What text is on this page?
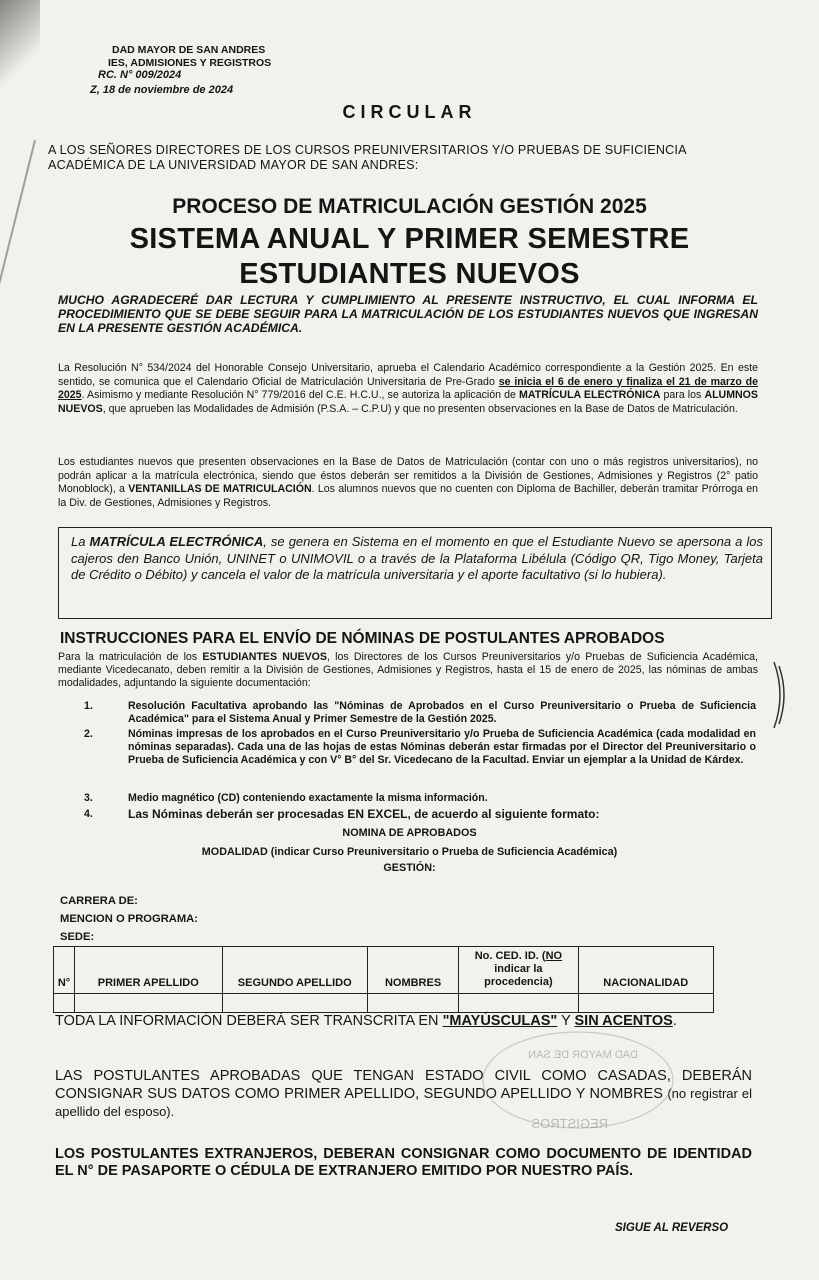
DAD MAYOR DE SAN ANDRES
IES, ADMISIONES Y REGISTROS
RC. N° 009/2024
Z, 18 de noviembre de 2024
CIRCULAR
A LOS SEÑORES DIRECTORES DE LOS CURSOS PREUNIVERSITARIOS Y/O PRUEBAS DE SUFICIENCIA ACADÉMICA DE LA UNIVERSIDAD MAYOR DE SAN ANDRES:
PROCESO DE MATRICULACIÓN GESTIÓN 2025
SISTEMA ANUAL Y PRIMER SEMESTRE
ESTUDIANTES NUEVOS
MUCHO AGRADECERÉ DAR LECTURA Y CUMPLIMIENTO AL PRESENTE INSTRUCTIVO, EL CUAL INFORMA EL PROCEDIMIENTO QUE SE DEBE SEGUIR PARA LA MATRICULACIÓN DE LOS ESTUDIANTES NUEVOS QUE INGRESAN EN LA PRESENTE GESTIÓN ACADÉMICA.
La Resolución N° 534/2024 del Honorable Consejo Universitario, aprueba el Calendario Académico correspondiente a la Gestión 2025. En este sentido, se comunica que el Calendario Oficial de Matriculación Universitaria de Pre-Grado se inicia el 6 de enero y finaliza el 21 de marzo de 2025. Asimismo y mediante Resolución N° 779/2016 del C.E. H.C.U., se autoriza la aplicación de MATRÍCULA ELECTRÓNICA para los ALUMNOS NUEVOS, que aprueben las Modalidades de Admisión (P.S.A. – C.P.U) y que no presenten observaciones en la Base de Datos de Matriculación.
Los estudiantes nuevos que presenten observaciones en la Base de Datos de Matriculación (contar con uno o más registros universitarios), no podrán aplicar a la matrícula electrónica, siendo que éstos deberán ser remitidos a la División de Gestiones, Admisiones y Registros (2° patio Monoblock), a VENTANILLAS DE MATRICULACIÓN. Los alumnos nuevos que no cuenten con Diploma de Bachiller, deberán tramitar Prórroga en la Div. de Gestiones, Admisiones y Registros.
La MATRÍCULA ELECTRÓNICA, se genera en Sistema en el momento en que el Estudiante Nuevo se apersona a los cajeros den Banco Unión, UNINET o UNIMOVIL o a través de la Plataforma Libélula (Código QR, Tigo Money, Tarjeta de Crédito o Débito) y cancela el valor de la matrícula universitaria y el aporte facultativo (si lo hubiera).
INSTRUCCIONES PARA EL ENVÍO DE NÓMINAS DE POSTULANTES APROBADOS
Para la matriculación de los ESTUDIANTES NUEVOS, los Directores de los Cursos Preuniversitarios y/o Pruebas de Suficiencia Académica, mediante Vicedecanato, deben remitir a la División de Gestiones, Admisiones y Registros, hasta el 15 de enero de 2025, las nóminas de ambas modalidades, adjuntando la siguiente documentación:
1.	Resolución Facultativa aprobando las "Nóminas de Aprobados en el Curso Preuniversitario o Prueba de Suficiencia Académica" para el Sistema Anual y Primer Semestre de la Gestión 2025.
2.	Nóminas impresas de los aprobados en el Curso Preuniversitario y/o Prueba de Suficiencia Académica (cada modalidad en nóminas separadas). Cada una de las hojas de estas Nóminas deberán estar firmadas por el Director del Preuniversitario o Prueba de Suficiencia Académica y con V° B° del Sr. Vicedecano de la Facultad. Enviar un ejemplar a la Unidad de Kárdex.
3.	Medio magnético (CD) conteniendo exactamente la misma información.
4.	Las Nóminas deberán ser procesadas EN EXCEL, de acuerdo al siguiente formato:
NOMINA DE APROBADOS
MODALIDAD (indicar Curso Preuniversitario o Prueba de Suficiencia Académica)
GESTIÓN:
CARRERA DE:
MENCION O PROGRAMA:
SEDE:
N°	PRIMER APELLIDO	SEGUNDO APELLIDO	NOMBRES	No. CED. ID. (NO indicar la procedencia)	NACIONALIDAD

TODA LA INFORMACIÓN DEBERÁ SER TRANSCRITA EN "MAYÚSCULAS" Y SIN ACENTOS.
LAS POSTULANTES APROBADAS QUE TENGAN ESTADO CIVIL COMO CASADAS, DEBERÁN CONSIGNAR SUS DATOS COMO PRIMER APELLIDO, SEGUNDO APELLIDO Y NOMBRES (no registrar el apellido del esposo).
LOS POSTULANTES EXTRANJEROS, DEBERAN CONSIGNAR COMO DOCUMENTO DE IDENTIDAD EL N° DE PASAPORTE O CÉDULA DE EXTRANJERO EMITIDO POR NUESTRO PAÍS.
SIGUE AL REVERSO
DAD MAYOR DE SAN
REGISTROS
